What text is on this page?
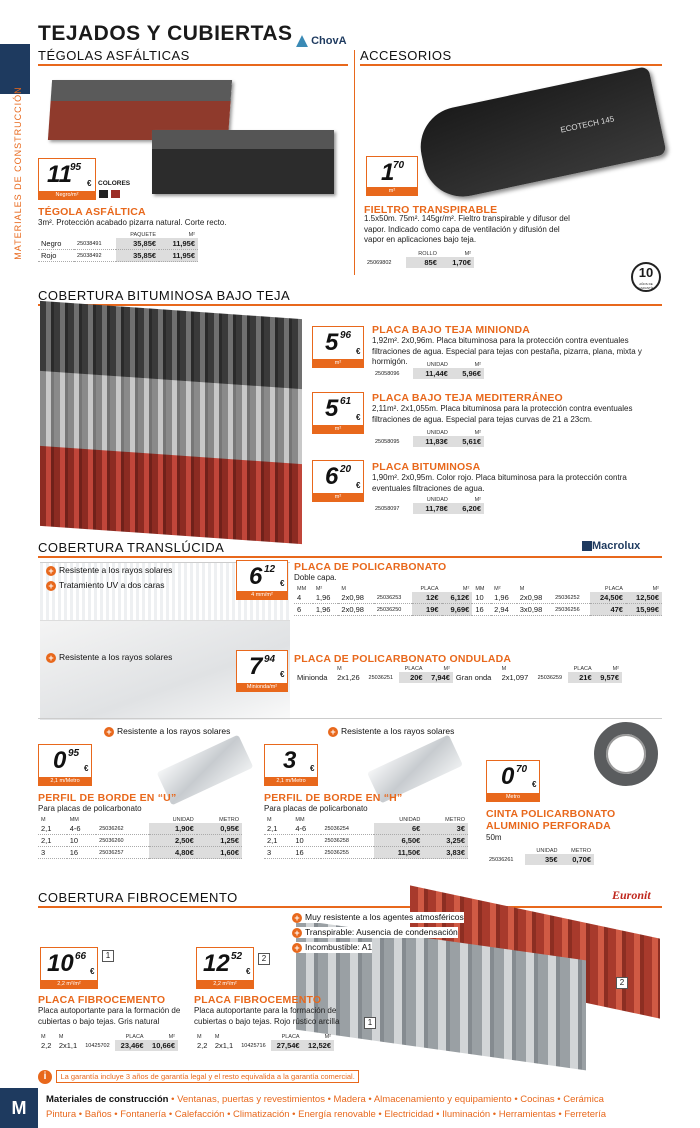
MATERIALES DE CONSTRUCCIÓN
TEJADOS Y CUBIERTAS	ChovA
TÉGOLAS ASFÁLTICAS	ACCESORIOS
11
95
€
Negro/m²
COLORES
TÉGOLA ASFÁLTICA
3m². Protección acabado pizarra natural. Corte recto.
		PAQUETE	M²
Negro	25038491	35,85€	11,95€
Rojo	25038492	35,85€	11,95€
ECOTECH 145
1
70
m²
FIELTRO TRANSPIRABLE
1.5x50m. 75m². 145gr/m². Fieltro transpirable y difusor del vapor. Indicado como capa de ventilación y difusión del vapor en aplicaciones bajo teja.
	ROLLO	M²
25069802	85€	1,70€
10
AÑOS DE GARANTÍA
COBERTURA BITUMINOSA BAJO TEJA
5 96
€
m²
PLACA BAJO TEJA MINIONDA
1,92m². 2x0,96m. Placa bituminosa para la protección contra eventuales filtraciones de agua. Especial para tejas con pestaña, pizarra, plana, mixta y hormigón.
		UNIDAD	M²
25058096	11,44€	5,96€
5 61
€
m²
PLACA BAJO TEJA MEDITERRÁNEO
2,11m². 2x1,055m. Placa bituminosa para la protección contra eventuales filtraciones de agua. Especial para tejas curvas de 21 a 23cm.
	UNIDAD	M²
25058095	11,83€	5,61€
6 20
€
m²
PLACA BITUMINOSA
1,90m². 2x0,95m. Color rojo. Placa bituminosa para la protección contra eventuales filtraciones de agua.
	UNIDAD	M²
25058097	11,78€	6,20€
COBERTURA TRANSLÚCIDA	Macrolux
+ Resistente a los rayos solares
+ Tratamiento UV a dos caras	6 12
€
4 mm/m²
PLACA DE POLICARBONATO
Doble capa.
MM	M²	M		PLACA	M²	MM	M²	M		PLACA	M²
4	1,96	2x0,98	25036253	12€	6,12€	10	1,96	2x0,98	25036252	24,50€	12,50€
6	1,96	2x0,98	25036250	19€	9,69€	16	2,94	3x0,98	25036256	47€	15,99€
+ Resistente a los rayos solares	7 94
€
Minionda/m²
PLACA DE POLICARBONATO ONDULADA
	M		PLACA	M²		M		PLACA	M²
Minionda	2x1,26	25036251	20€	7,94€	Gran onda	2x1,097	25036259	21€	9,57€
+ Resistente a los rayos solares
0 95
€
2,1 m/Metro
PERFIL DE BORDE EN “U”
Para placas de policarbonato
M	MM		UNIDAD	METRO
2,1	4-6	25036262	1,90€	0,95€
2,1	10	25036260	2,50€	1,25€
3	16	25036257	4,80€	1,60€
+ Resistente a los rayos solares
3 €
2,1 m/Metro
PERFIL DE BORDE EN “H”
Para placas de policarbonato
M	MM		UNIDAD	METRO
2,1	4-6	25036254	6€	3€
2,1	10	25036258	6,50€	3,25€
3	16	25036255	11,50€	3,83€
0 70
€
Metro
CINTA POLICARBONATO
ALUMINIO PERFORADA
50m
	UNIDAD	METRO
25036261	35€	0,70€
COBERTURA FIBROCEMENTO	Euronit
1
2
+ Muy resistente a los agentes atmosféricos
+ Transpirable: Ausencia de condensación
+ Incombustible: A1
10 66
€
2,2 m²/m²
1
PLACA FIBROCEMENTO
Placa autoportante para la formación de cubiertas o bajo tejas. Gris natural
M	M		PLACA	M²
2,2	2x1,1	10425702	23,46€	10,66€
12 52
€
2,2 m²/m²
2
PLACA FIBROCEMENTO
Placa autoportante para la formación de cubiertas o bajo tejas. Rojo rústico arcilla
M	M		PLACA	M²
2,2	2x1,1	10425716	27,54€	12,52€
i La garantía incluye 3 años de garantía legal y el resto equivalida a la garantía comercial.
M	Materiales de construcción • Ventanas, puertas y revestimientos • Madera • Almacenamiento y equipamiento • Cocinas • Cerámica
Pintura • Baños • Fontanería • Calefacción • Climatización • Energía renovable • Electricidad • Iluminación • Herramientas • Ferretería
